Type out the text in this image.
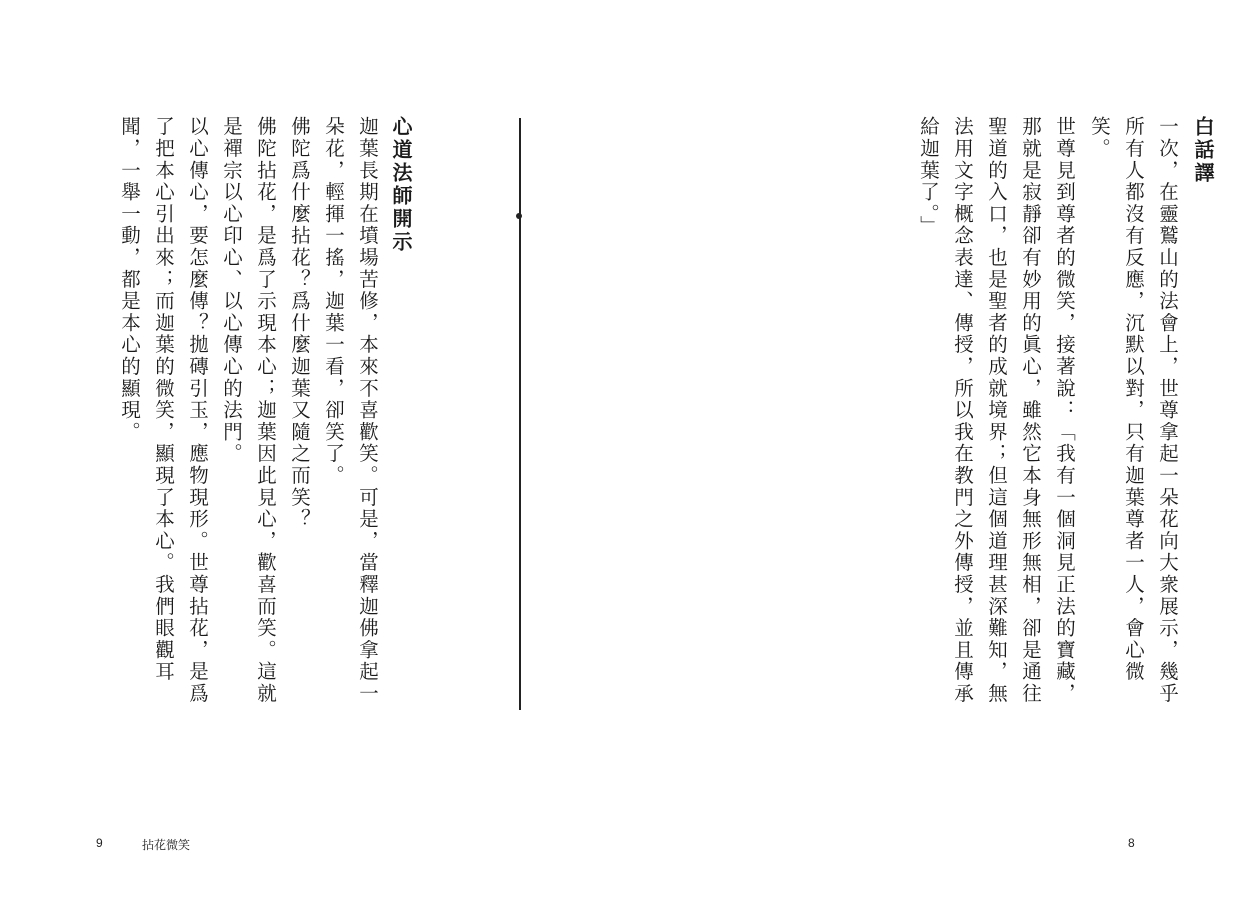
白話譯

一次，在靈鷲山的法會上，世尊拿起一朵花向大衆展示，幾乎所有人都沒有反應，沉默以對，只有迦葉尊者一人，會心微笑。

世尊見到尊者的微笑，接著說：「我有一個洞見正法的寶藏，那就是寂靜卻有妙用的眞心，雖然它本身無形無相，卻是通往聖道的入口，也是聖者的成就境界；但這個道理甚深難知，無法用文字概念表達、傳授，所以我在教門之外傳授，並且傳承給迦葉了。」

8

心道法師開示

迦葉長期在墳場苦修，本來不喜歡笑。可是，當釋迦佛拿起一朵花，輕揮一搖，迦葉一看，卻笑了。

佛陀爲什麼拈花？爲什麼迦葉又隨之而笑？

佛陀拈花，是爲了示現本心；迦葉因此見心，歡喜而笑。這就是禪宗以心印心、以心傳心的法門。

以心傳心，要怎麼傳？拋磚引玉，應物現形。世尊拈花，是爲了把本心引出來；而迦葉的微笑，顯現了本心。我們眼觀耳聞，一舉一動，都是本心的顯現。

9	拈花微笑
